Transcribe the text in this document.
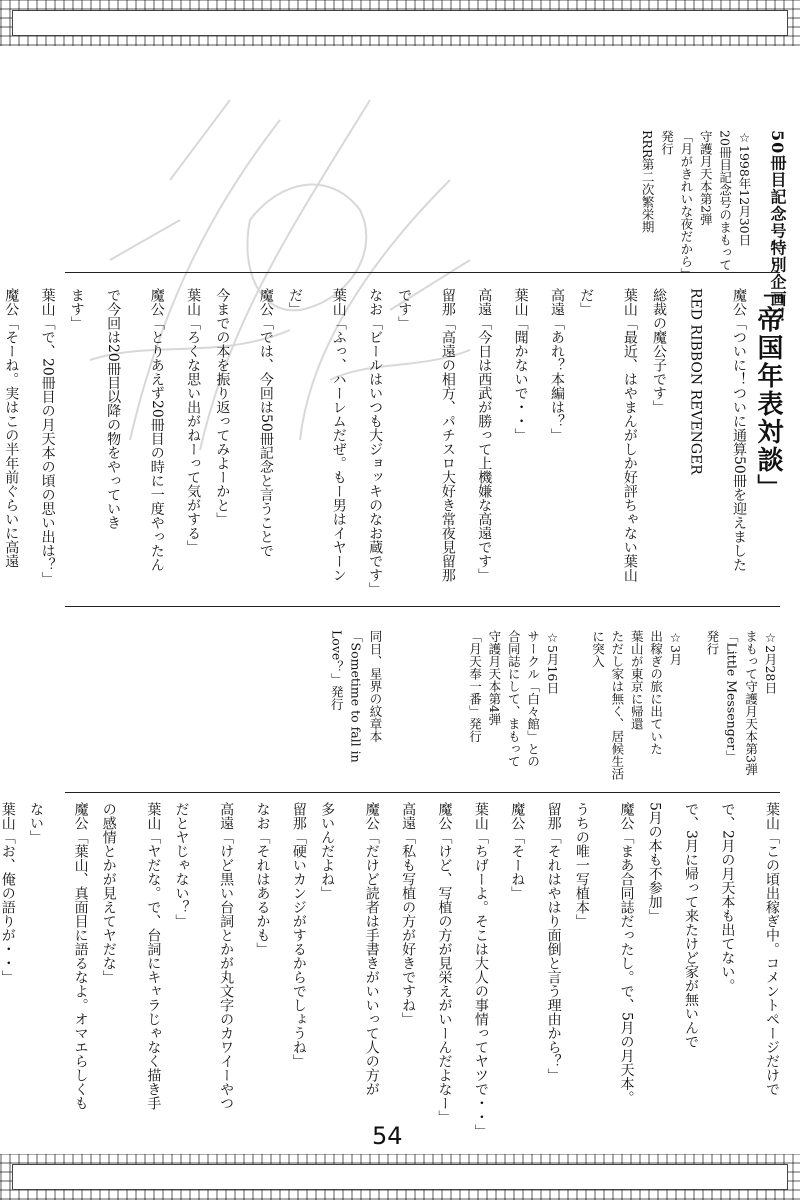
50冊目記念号特別企画！
☆1998年12月30日
20冊目記念号のまもって
守護月天本第2弾
「月がきれいな夜だから」
発行
RRR第二次繁栄期
「帝国年表対談」
魔公「ついに！ついに通算50冊を迎えました
RED RIBBON REVENGER
総裁の魔公子です」
葉山「最近、はやまんがしか好評ちゃない葉山
だ」
高遠「あれ？本編は？」
葉山「聞かないで・・」
高遠「今日は西武が勝って上機嫌な高遠です」
留那「高遠の相方、パチスロ大好き常夜見留那
です」
なお「ビールはいつも大ジョッキのなお蔵です」
葉山「ふっ、ハーレムだぜ。もー男はイヤーン
だ」
魔公「では、今回は50冊記念と言うことで
今までの本を振り返ってみよーかと」
葉山「ろくな思い出がねーって気がする」
魔公「とりあえず20冊目の時に一度やったん
で今回は20冊目以降の物をやっていき
ます」
葉山「で、20冊目の月天本の頃の思い出は？」
魔公「そーね。実はこの半年前ぐらいに高遠
☆2月28日
まもって守護月天本第3弾
「Little Messenger」
発行
☆3月
出稼ぎの旅に出ていた
葉山が東京に帰還
ただし家は無く、居候生活
に突入
☆5月16日
サークル「白々館」との
合同誌にして、まもって
守護月天本第4弾
「月天奉一番」発行
同日、星界の紋章本
「Sometime to fall in
Love？」発行
葉山「この頃出稼ぎ中。コメントページだけで
で、2月の月天本も出てない。
で、3月に帰って来たけど家が無いんで
5月の本も不参加」
魔公「まあ合同誌だったし。で、5月の月天本。
うちの唯一写植本」
留那「それはやはり面倒と言う理由から？」
魔公「そーね」
葉山「ちげーよ。そこは大人の事情ってヤツで・・」
魔公「けど、写植の方が見栄えがいーんだよなー」
高遠「私も写植の方が好きですね」
魔公「だけど読者は手書きがいいって人の方が
多いんだよね」
留那「硬いカンジがするからでしょうね」
なお「それはあるかも」
高遠「けど黒い台詞とかが丸文字のカワイーやつ
だとヤじゃない？」
葉山「ヤだな。で、台詞にキャラじゃなく描き手
の感情とかが見えてヤだな」
魔公「葉山、真面目に語るなよ。オマエらしくも
ない」
葉山「お、俺の語りが・・」
54
